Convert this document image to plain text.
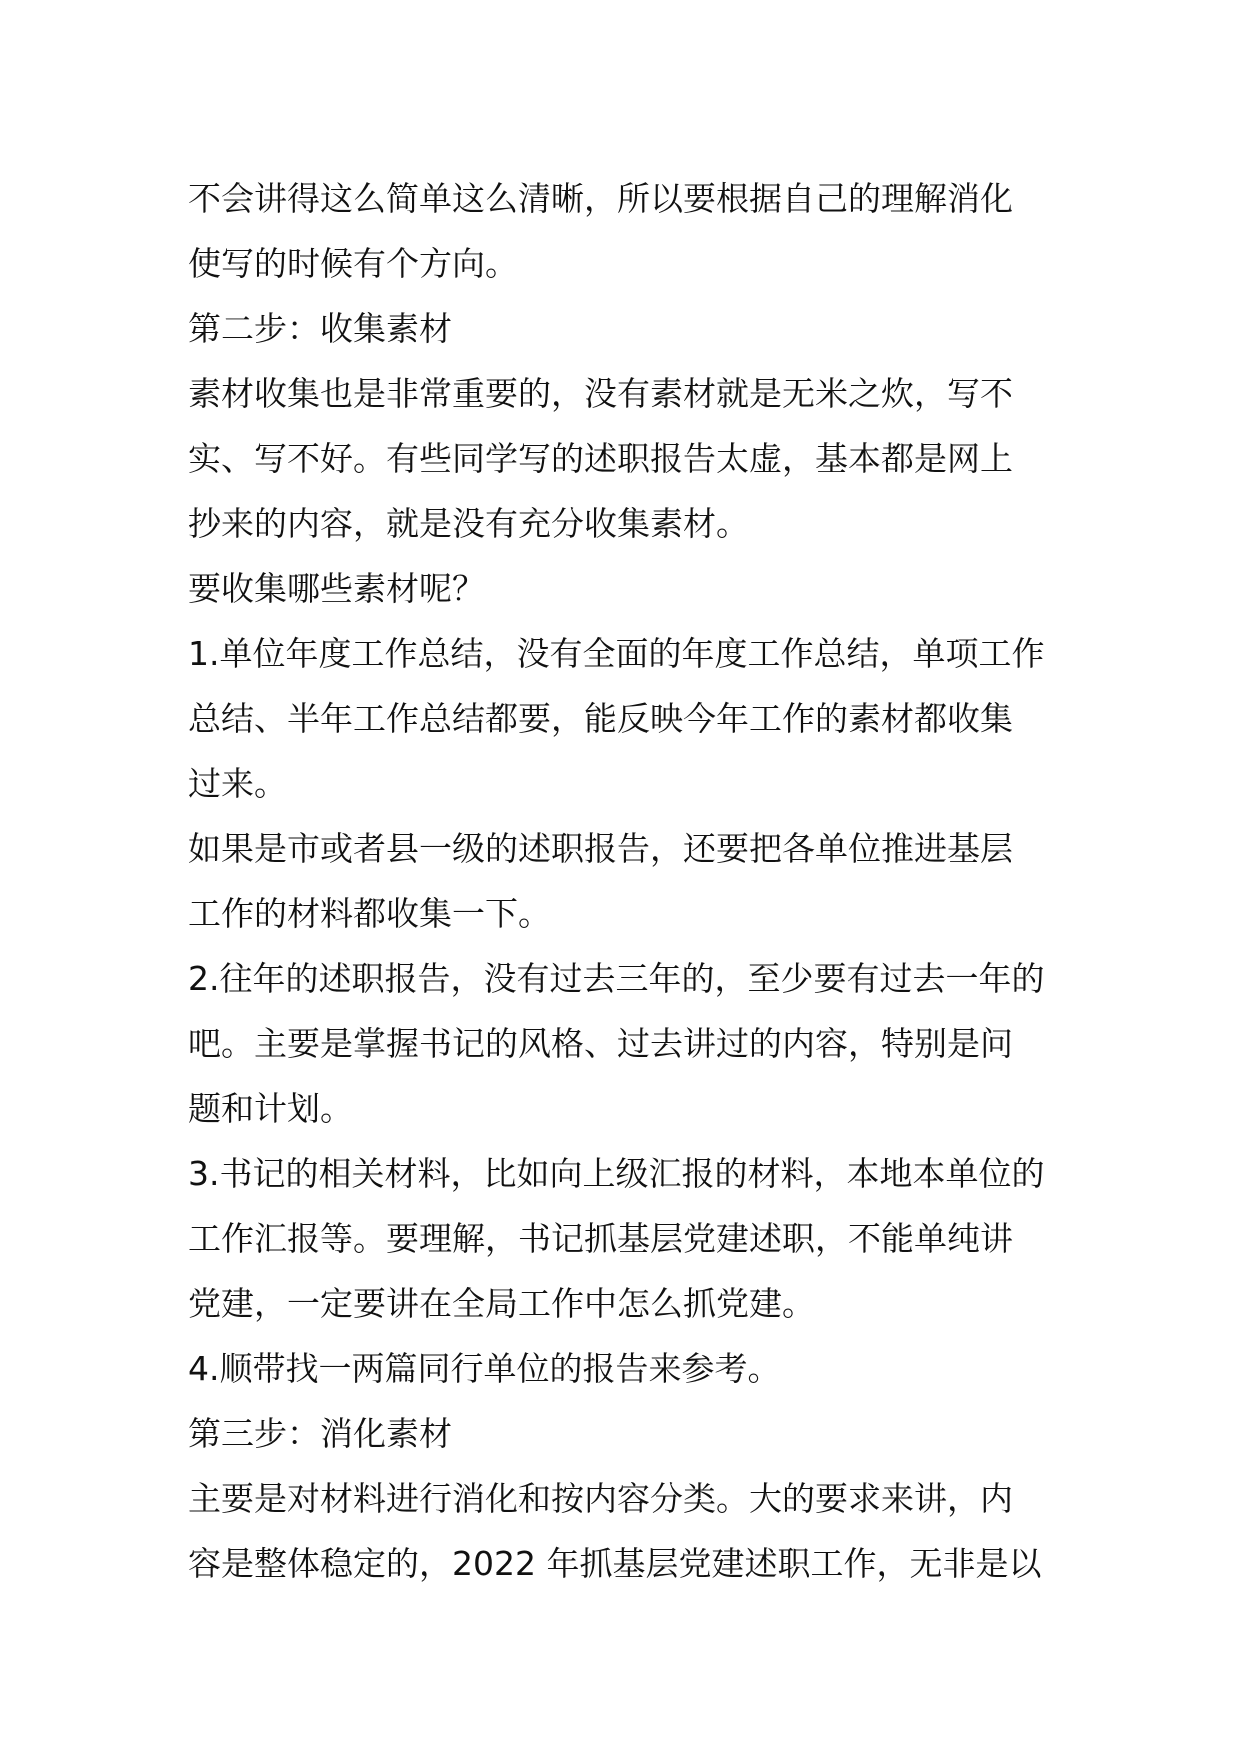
不会讲得这么简单这么清晰，所以要根据自己的理解消化
使写的时候有个方向。
第二步：收集素材
素材收集也是非常重要的，没有素材就是无米之炊，写不
实、写不好。有些同学写的述职报告太虚，基本都是网上
抄来的内容，就是没有充分收集素材。
要收集哪些素材呢？
1.单位年度工作总结，没有全面的年度工作总结，单项工作
总结、半年工作总结都要，能反映今年工作的素材都收集
过来。
如果是市或者县一级的述职报告，还要把各单位推进基层
工作的材料都收集一下。
2.往年的述职报告，没有过去三年的，至少要有过去一年的
吧。主要是掌握书记的风格、过去讲过的内容，特别是问
题和计划。
3.书记的相关材料，比如向上级汇报的材料，本地本单位的
工作汇报等。要理解，书记抓基层党建述职，不能单纯讲
党建，一定要讲在全局工作中怎么抓党建。
4.顺带找一两篇同行单位的报告来参考。
第三步：消化素材
主要是对材料进行消化和按内容分类。大的要求来讲，内
容是整体稳定的，2022 年抓基层党建述职工作，无非是以
